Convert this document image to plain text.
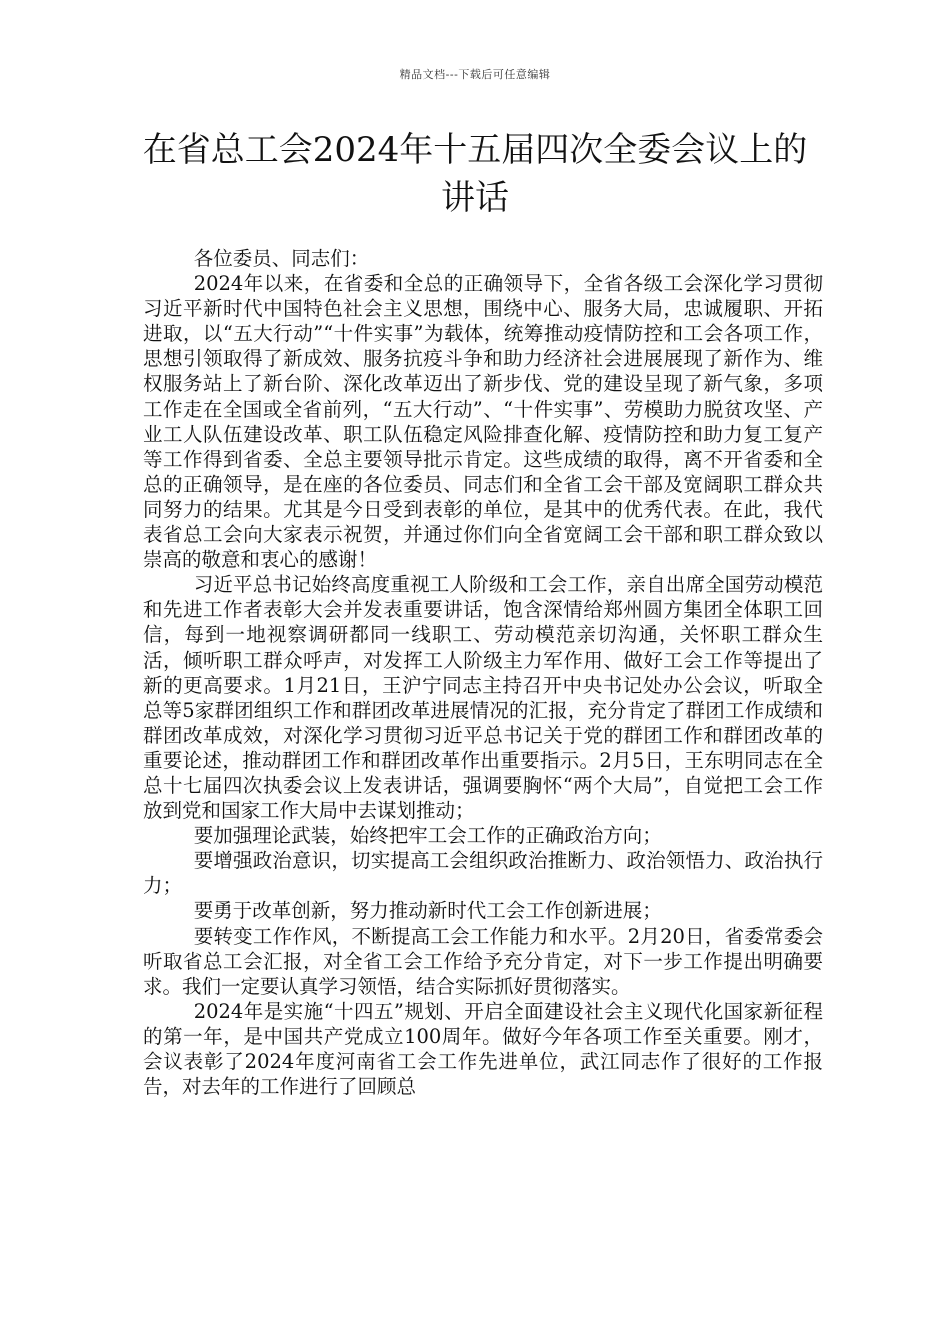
精品文档---下载后可任意编辑
在省总工会2024年十五届四次全委会议上的讲话

各位委员、同志们：

2024年以来，在省委和全总的正确领导下，全省各级工会深化学习贯彻习近平新时代中国特色社会主义思想，围绕中心、服务大局，忠诚履职、开拓进取，以“五大行动”“十件实事”为载体，统筹推动疫情防控和工会各项工作，思想引领取得了新成效、服务抗疫斗争和助力经济社会进展展现了新作为、维权服务站上了新台阶、深化改革迈出了新步伐、党的建设呈现了新气象，多项工作走在全国或全省前列，“五大行动”、“十件实事”、劳模助力脱贫攻坚、产业工人队伍建设改革、职工队伍稳定风险排查化解、疫情防控和助力复工复产等工作得到省委、全总主要领导批示肯定。这些成绩的取得，离不开省委和全总的正确领导，是在座的各位委员、同志们和全省工会干部及宽阔职工群众共同努力的结果。尤其是今日受到表彰的单位，是其中的优秀代表。在此，我代表省总工会向大家表示祝贺，并通过你们向全省宽阔工会干部和职工群众致以崇高的敬意和衷心的感谢！

习近平总书记始终高度重视工人阶级和工会工作，亲自出席全国劳动模范和先进工作者表彰大会并发表重要讲话，饱含深情给郑州圆方集团全体职工回信，每到一地视察调研都同一线职工、劳动模范亲切沟通，关怀职工群众生活，倾听职工群众呼声，对发挥工人阶级主力军作用、做好工会工作等提出了新的更高要求。1月21日，王沪宁同志主持召开中央书记处办公会议，听取全总等5家群团组织工作和群团改革进展情况的汇报，充分肯定了群团工作成绩和群团改革成效，对深化学习贯彻习近平总书记关于党的群团工作和群团改革的重要论述，推动群团工作和群团改革作出重要指示。2月5日，王东明同志在全总十七届四次执委会议上发表讲话，强调要胸怀“两个大局”，自觉把工会工作放到党和国家工作大局中去谋划推动；

要加强理论武装，始终把牢工会工作的正确政治方向；

要增强政治意识，切实提高工会组织政治推断力、政治领悟力、政治执行力；

要勇于改革创新，努力推动新时代工会工作创新进展；

要转变工作作风，不断提高工会工作能力和水平。2月20日，省委常委会听取省总工会汇报，对全省工会工作给予充分肯定，对下一步工作提出明确要求。我们一定要认真学习领悟，结合实际抓好贯彻落实。

2024年是实施“十四五”规划、开启全面建设社会主义现代化国家新征程的第一年，是中国共产党成立100周年。做好今年各项工作至关重要。刚才，会议表彰了2024年度河南省工会工作先进单位，武江同志作了很好的工作报告，对去年的工作进行了回顾总
